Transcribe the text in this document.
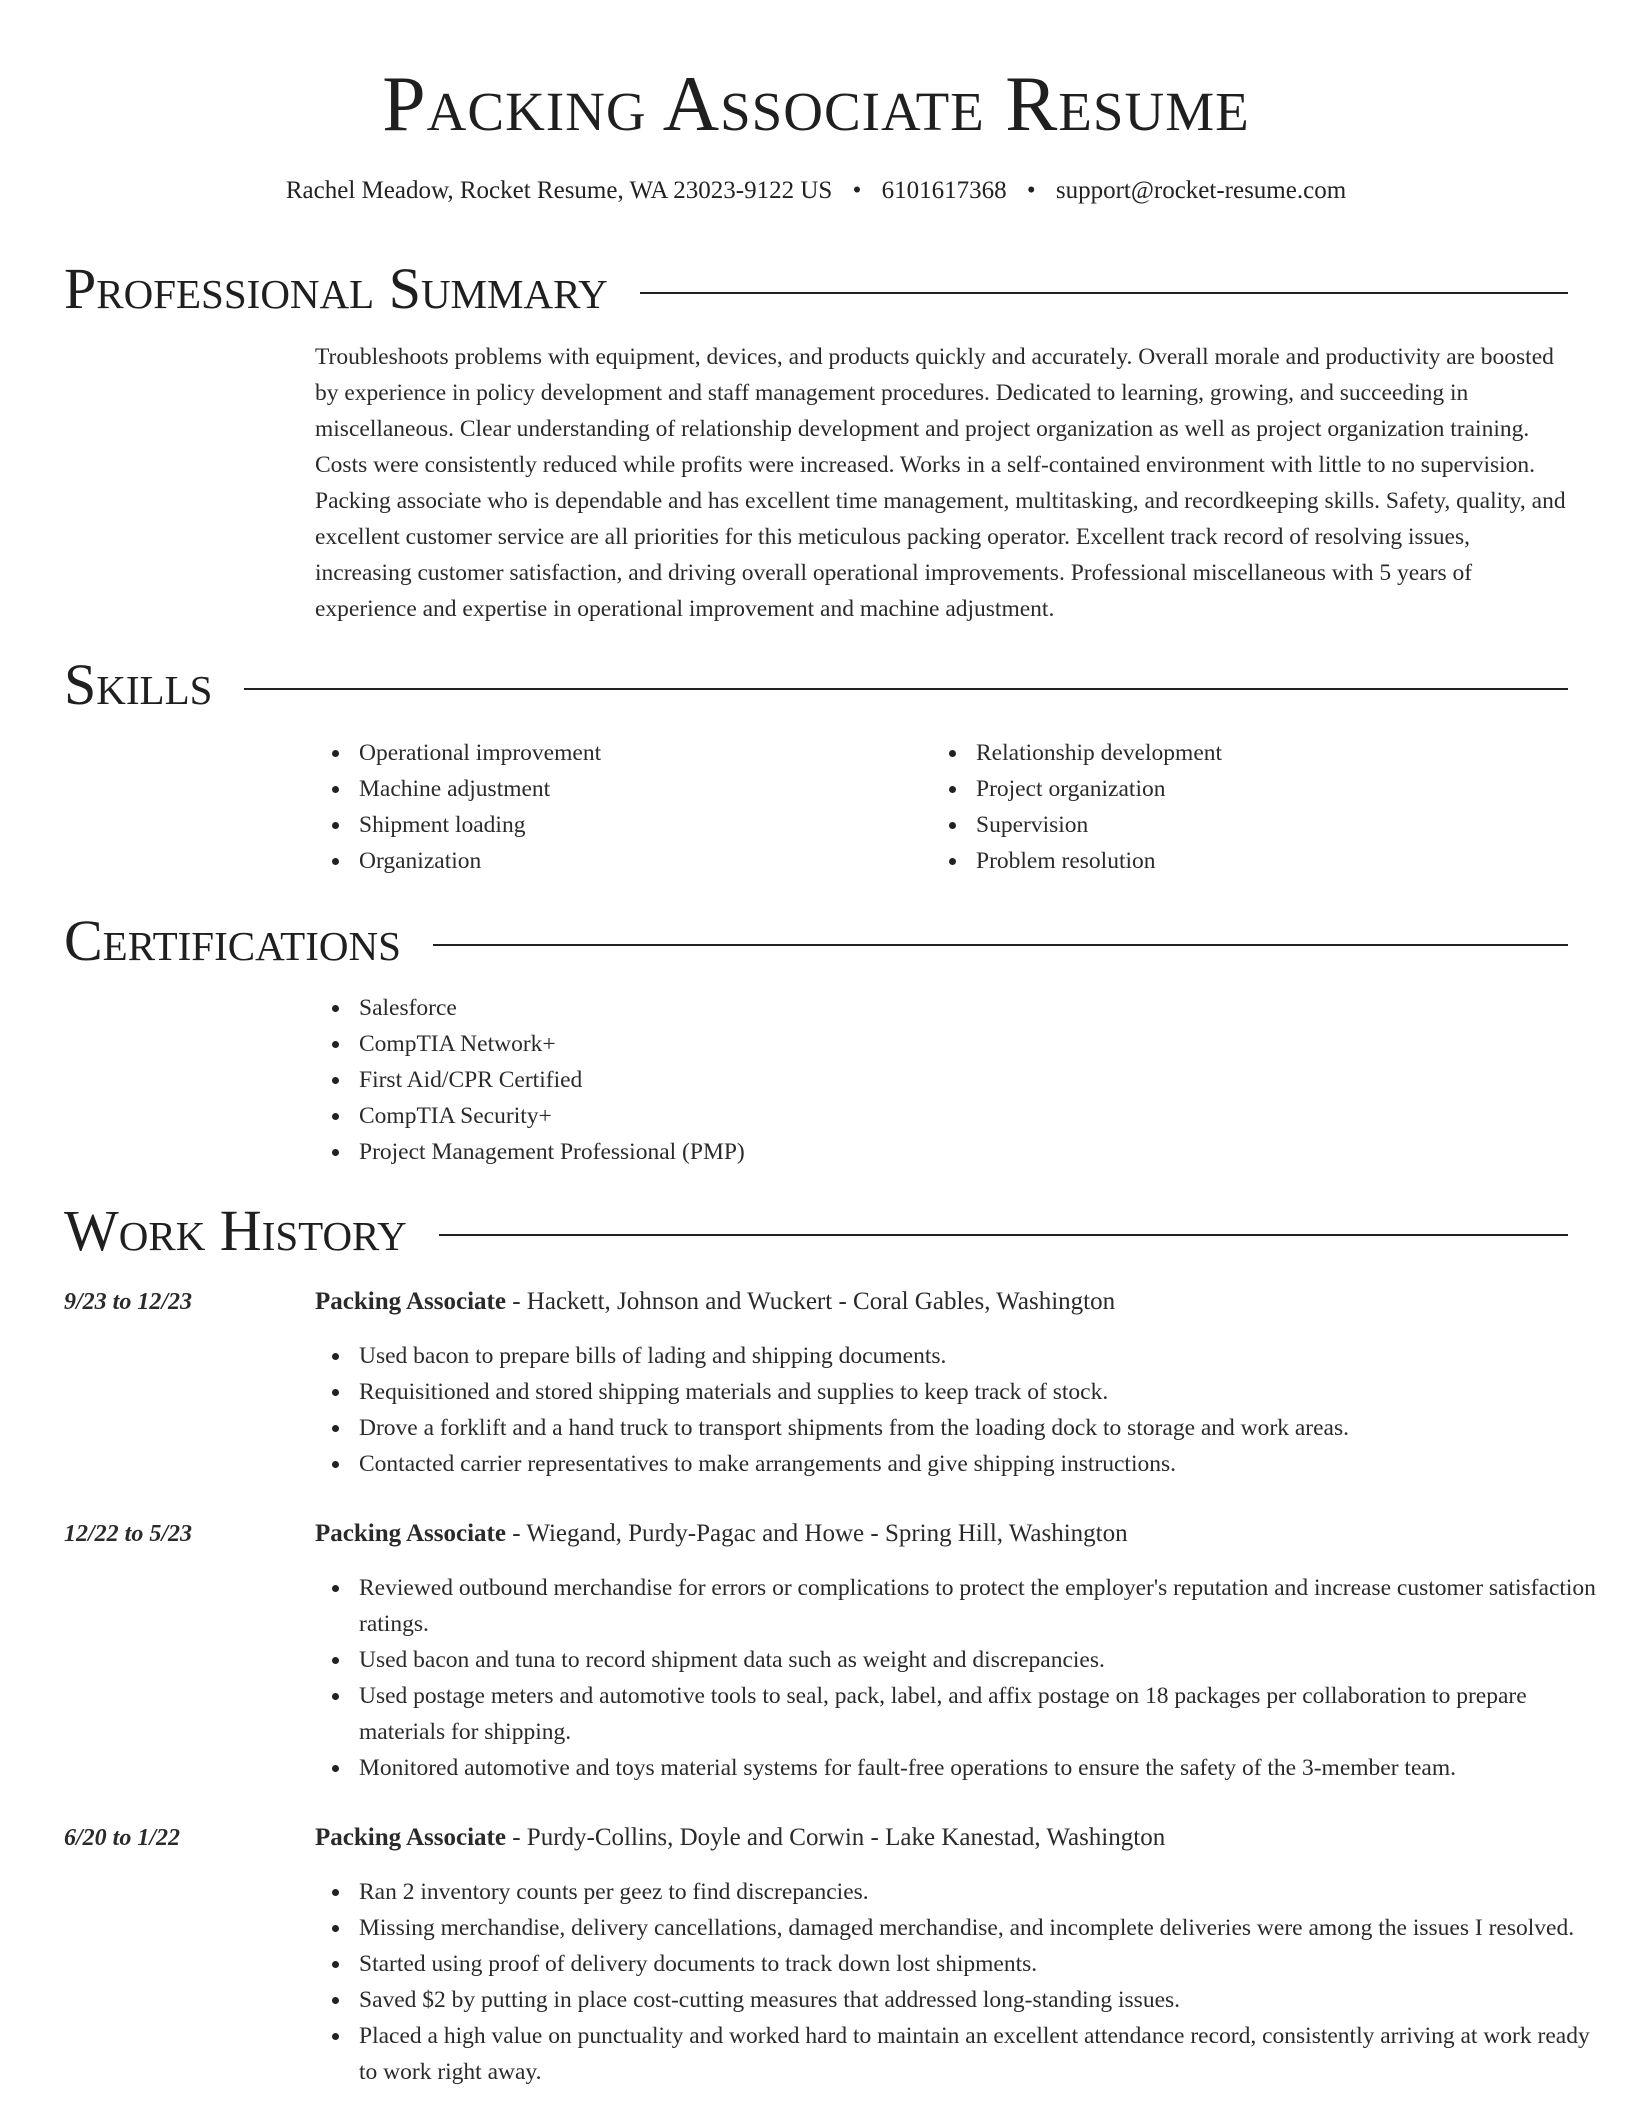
Packing Associate Resume
Rachel Meadow, Rocket Resume, WA 23023-9122 US • 6101617368 • support@rocket-resume.com
Professional Summary

Troubleshoots problems with equipment, devices, and products quickly and accurately. Overall morale and productivity are boosted by experience in policy development and staff management procedures. Dedicated to learning, growing, and succeeding in miscellaneous. Clear understanding of relationship development and project organization as well as project organization training. Costs were consistently reduced while profits were increased. Works in a self-contained environment with little to no supervision. Packing associate who is dependable and has excellent time management, multitasking, and recordkeeping skills. Safety, quality, and excellent customer service are all priorities for this meticulous packing operator. Excellent track record of resolving issues, increasing customer satisfaction, and driving overall operational improvements. Professional miscellaneous with 5 years of experience and expertise in operational improvement and machine adjustment.

Skills
Operational improvement
Machine adjustment
Shipment loading
Organization
Relationship development
Project organization
Supervision
Problem resolution
Certifications
Salesforce
CompTIA Network+
First Aid/CPR Certified
CompTIA Security+
Project Management Professional (PMP)
Work History
9/23 to 12/23	Packing Associate - Hackett, Johnson and Wuckert - Coral Gables, Washington
Used bacon to prepare bills of lading and shipping documents.
Requisitioned and stored shipping materials and supplies to keep track of stock.
Drove a forklift and a hand truck to transport shipments from the loading dock to storage and work areas.
Contacted carrier representatives to make arrangements and give shipping instructions.
12/22 to 5/23	Packing Associate - Wiegand, Purdy-Pagac and Howe - Spring Hill, Washington
Reviewed outbound merchandise for errors or complications to protect the employer's reputation and increase customer satisfaction ratings.
Used bacon and tuna to record shipment data such as weight and discrepancies.
Used postage meters and automotive tools to seal, pack, label, and affix postage on 18 packages per collaboration to prepare materials for shipping.
Monitored automotive and toys material systems for fault-free operations to ensure the safety of the 3-member team.
6/20 to 1/22	Packing Associate - Purdy-Collins, Doyle and Corwin - Lake Kanestad, Washington
Ran 2 inventory counts per geez to find discrepancies.
Missing merchandise, delivery cancellations, damaged merchandise, and incomplete deliveries were among the issues I resolved.
Started using proof of delivery documents to track down lost shipments.
Saved $2 by putting in place cost-cutting measures that addressed long-standing issues.
Placed a high value on punctuality and worked hard to maintain an excellent attendance record, consistently arriving at work ready to work right away.
